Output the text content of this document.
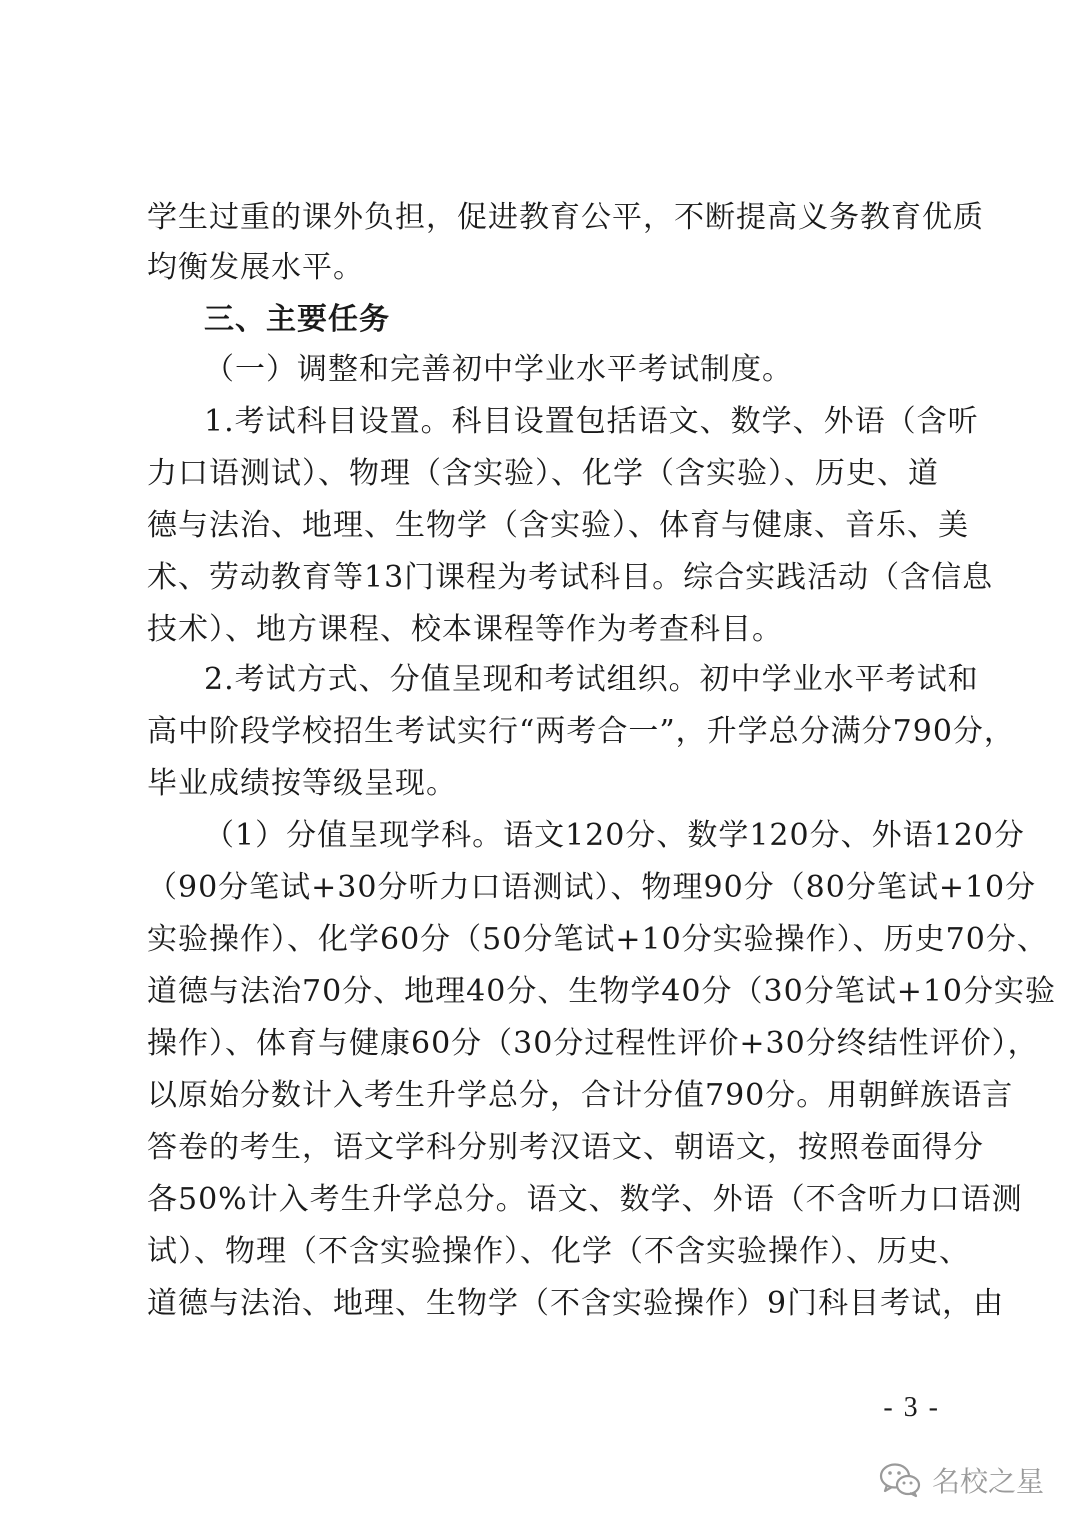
学生过重的课外负担，促进教育公平，不断提高义务教育优质
均衡发展水平。
三、主要任务
（一）调整和完善初中学业水平考试制度。
1.考试科目设置。科目设置包括语文、数学、外语（含听
力口语测试）、物理（含实验）、化学（含实验）、历史、道
德与法治、地理、生物学（含实验）、体育与健康、音乐、美
术、劳动教育等13门课程为考试科目。综合实践活动（含信息
技术）、地方课程、校本课程等作为考查科目。
2.考试方式、分值呈现和考试组织。初中学业水平考试和
高中阶段学校招生考试实行“两考合一”，升学总分满分790分，
毕业成绩按等级呈现。
（1）分值呈现学科。语文120分、数学120分、外语120分
（90分笔试+30分听力口语测试）、物理90分（80分笔试+10分
实验操作）、化学60分（50分笔试+10分实验操作）、历史70分、
道德与法治70分、地理40分、生物学40分（30分笔试+10分实验
操作）、体育与健康60分（30分过程性评价+30分终结性评价），
以原始分数计入考生升学总分，合计分值790分。用朝鲜族语言
答卷的考生，语文学科分别考汉语文、朝语文，按照卷面得分
各50%计入考生升学总分。语文、数学、外语（不含听力口语测
试）、物理（不含实验操作）、化学（不含实验操作）、历史、
道德与法治、地理、生物学（不含实验操作）9门科目考试，由
- 3 -
名校之星
